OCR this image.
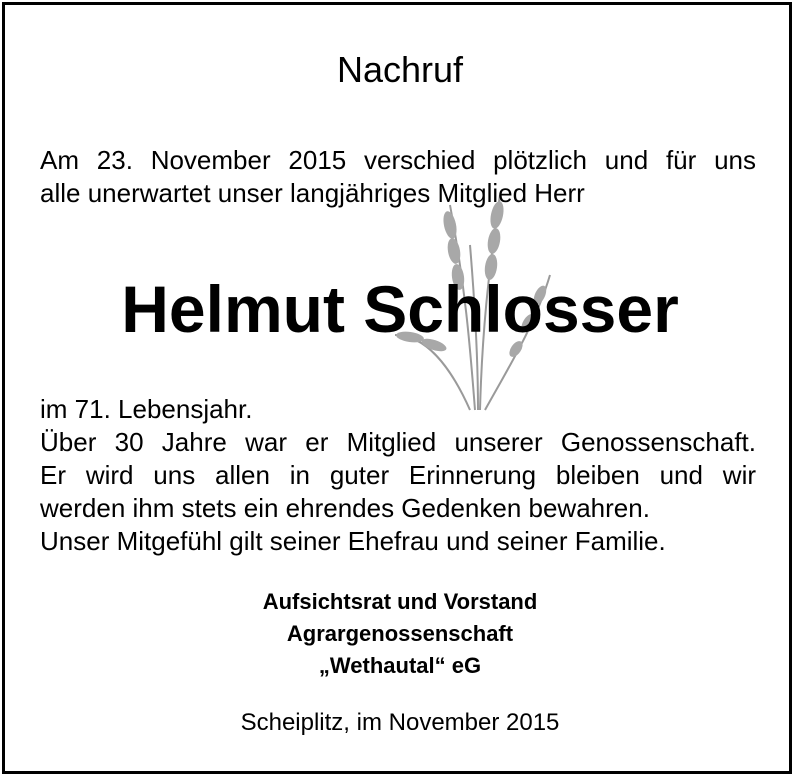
Nachruf
Am 23. November 2015 verschied plötzlich und für uns
alle unerwartet unser langjähriges Mitglied Herr
Helmut Schlosser
im 71. Lebensjahr.
Über 30 Jahre war er Mitglied unserer Genossenschaft.
Er wird uns allen in guter Erinnerung bleiben und wir
werden ihm stets ein ehrendes Gedenken bewahren.
Unser Mitgefühl gilt seiner Ehefrau und seiner Familie.
Aufsichtsrat und Vorstand
Agrargenossenschaft
„Wethautal“ eG
Scheiplitz, im November 2015
